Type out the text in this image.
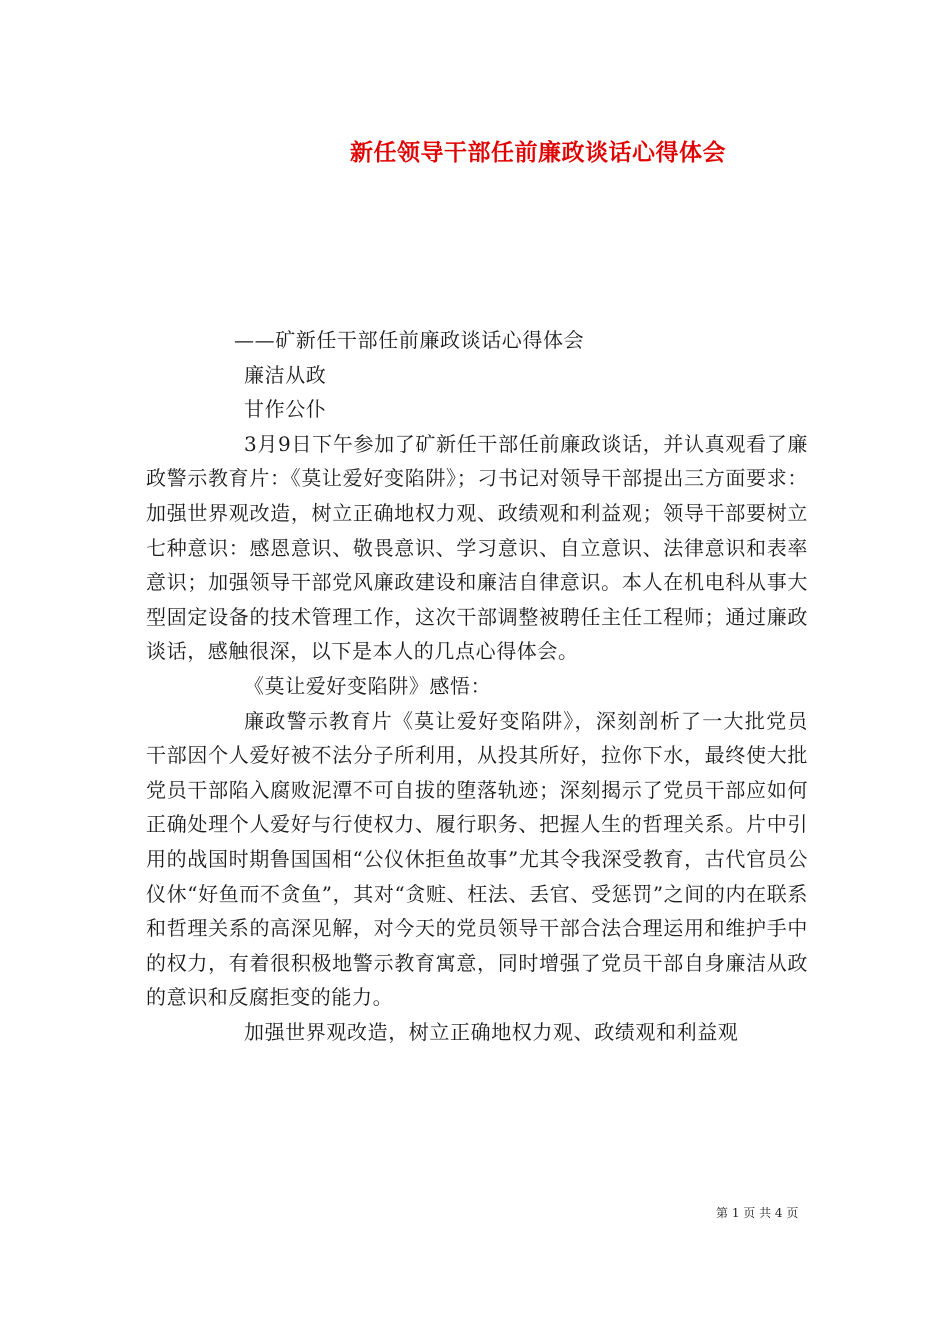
新任领导干部任前廉政谈话心得体会

——矿新任干部任前廉政谈话心得体会

廉洁从政

甘作公仆

3月9日下午参加了矿新任干部任前廉政谈话，并认真观看了廉政警示教育片：《莫让爱好变陷阱》；刁书记对领导干部提出三方面要求：加强世界观改造，树立正确地权力观、政绩观和利益观；领导干部要树立七种意识：感恩意识、敬畏意识、学习意识、自立意识、法律意识和表率意识；加强领导干部党风廉政建设和廉洁自律意识。本人在机电科从事大型固定设备的技术管理工作，这次干部调整被聘任主任工程师；通过廉政谈话，感触很深，以下是本人的几点心得体会。

《莫让爱好变陷阱》感悟：

廉政警示教育片《莫让爱好变陷阱》，深刻剖析了一大批党员干部因个人爱好被不法分子所利用，从投其所好，拉你下水，最终使大批党员干部陷入腐败泥潭不可自拔的堕落轨迹；深刻揭示了党员干部应如何正确处理个人爱好与行使权力、履行职务、把握人生的哲理关系。片中引用的战国时期鲁国国相“公仪休拒鱼故事”尤其令我深受教育，古代官员公仪休“好鱼而不贪鱼”，其对“贪赃、枉法、丢官、受惩罚”之间的内在联系和哲理关系的高深见解，对今天的党员领导干部合法合理运用和维护手中的权力，有着很积极地警示教育寓意，同时增强了党员干部自身廉洁从政的意识和反腐拒变的能力。

加强世界观改造，树立正确地权力观、政绩观和利益观

第 1 页 共 4 页
